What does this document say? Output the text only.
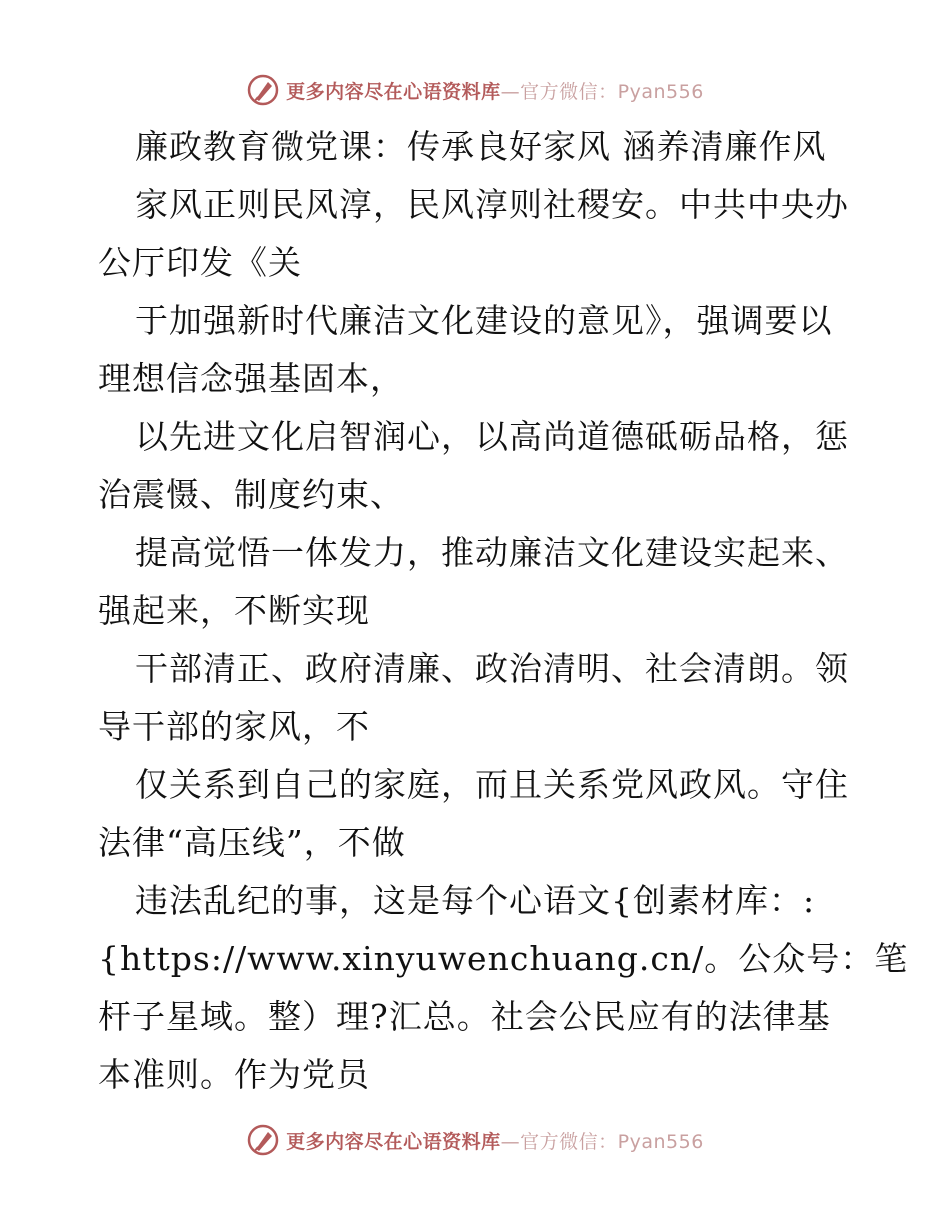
更多内容尽在心语资料库—官方微信：Pyan556
廉政教育微党课：传承良好家风 涵养清廉作风
家风正则民风淳，民风淳则社稷安。中共中央办
公厅印发《关
于加强新时代廉洁文化建设的意见》，强调要以
理想信念强基固本，
以先进文化启智润心，以高尚道德砥砺品格，惩
治震慑、制度约束、
提高觉悟一体发力，推动廉洁文化建设实起来、
强起来，不断实现
干部清正、政府清廉、政治清明、社会清朗。领
导干部的家风，不
仅关系到自己的家庭，而且关系党风政风。守住
法律“高压线”，不做
违法乱纪的事，这是每个心语文{创素材库：:
{https://www.xinyuwenchuang.cn/。公众号：笔
杆子星域。整）理?汇总。社会公民应有的法律基
本准则。作为党员
更多内容尽在心语资料库—官方微信：Pyan556
